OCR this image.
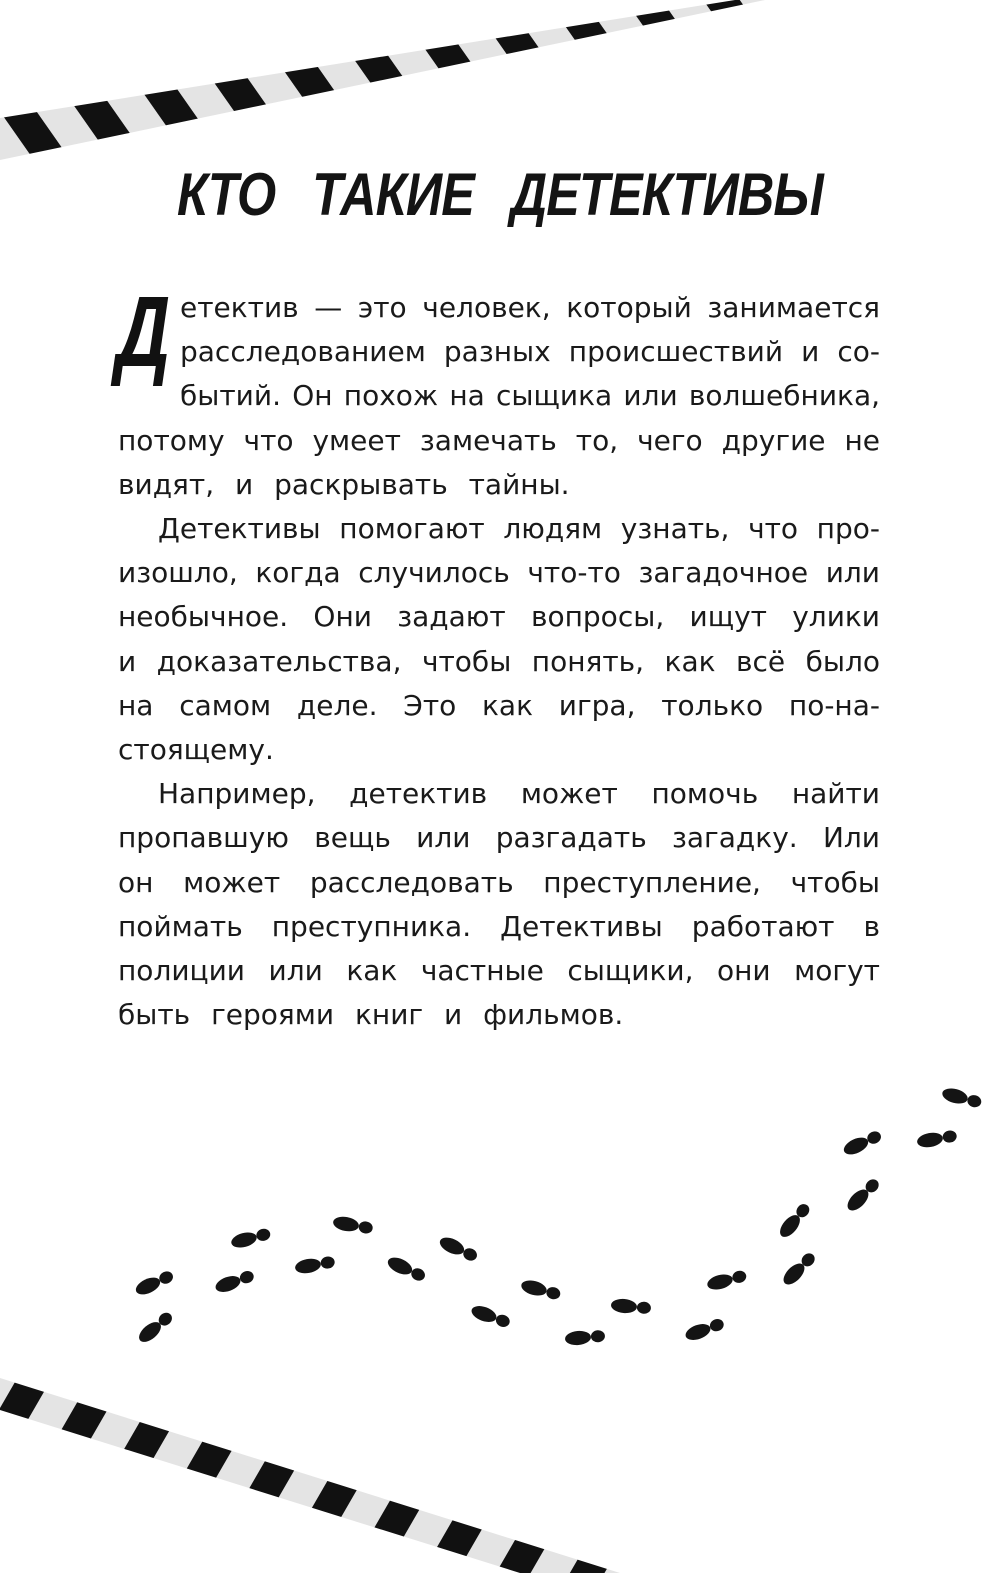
КТО ТАКИЕ ДЕТЕКТИВЫ

Д етектив — это человек, который занимается
расследованием разных происшествий и со-
бытий. Он похож на сыщика или волшебника,
потому что умеет замечать то, чего другие не
видят, и раскрывать тайны.

Детективы помогают людям узнать, что про-
изошло, когда случилось что-то загадочное или
необычное. Они задают вопросы, ищут улики
и доказательства, чтобы понять, как всё было
на самом деле. Это как игра, только по-на-
стоящему.

Например, детектив может помочь найти
пропавшую вещь или разгадать загадку. Или
он может расследовать преступление, чтобы
поймать преступника. Детективы работают в
полиции или как частные сыщики, они могут
быть героями книг и фильмов.
